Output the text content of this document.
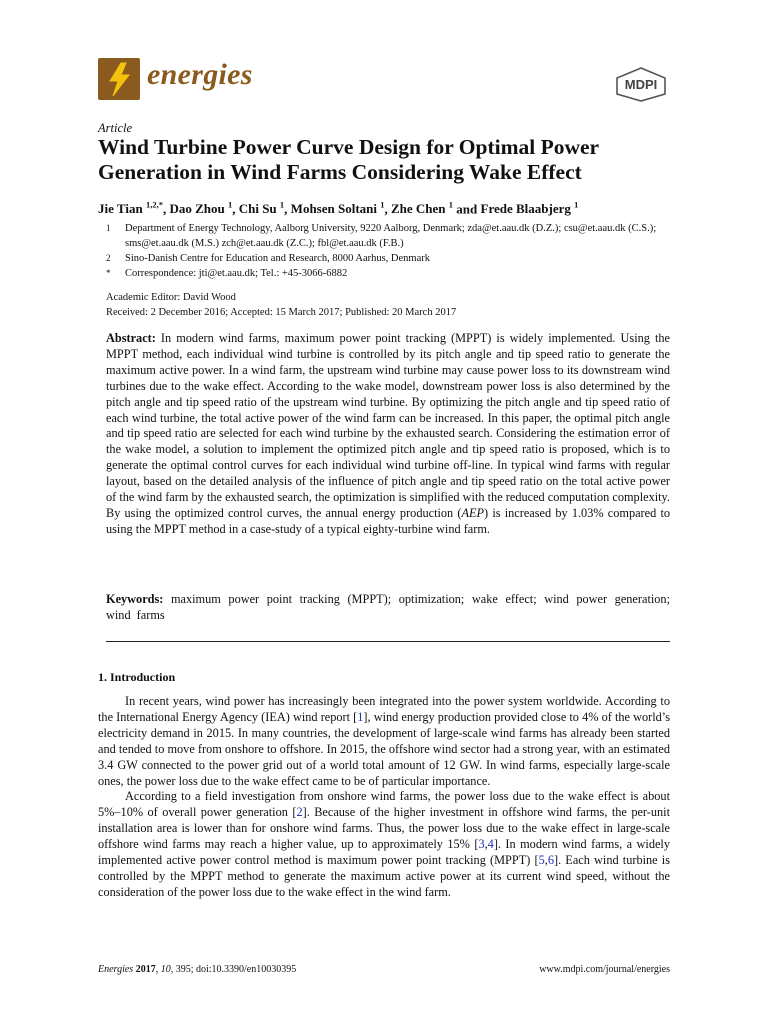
energies	MDPI
Article
Wind Turbine Power Curve Design for Optimal Power Generation in Wind Farms Considering Wake Effect
Jie Tian $^{1,2,*}$, Dao Zhou $^1$, Chi Su $^1$, Mohsen Soltani $^1$, Zhe Chen $^1$ and Frede Blaabjerg $^1$
1	Department of Energy Technology, Aalborg University, 9220 Aalborg, Denmark; zda@et.aau.dk (D.Z.); csu@et.aau.dk (C.S.); sms@et.aau.dk (M.S.) zch@et.aau.dk (Z.C.); fbl@et.aau.dk (F.B.)
2	Sino-Danish Centre for Education and Research, 8000 Aarhus, Denmark
*	Correspondence: jti@et.aau.dk; Tel.: +45-3066-6882
Academic Editor: David Wood
Received: 2 December 2016; Accepted: 15 March 2017; Published: 20 March 2017

Abstract: In modern wind farms, maximum power point tracking (MPPT) is widely implemented. Using the MPPT method, each individual wind turbine is controlled by its pitch angle and tip speed ratio to generate the maximum active power. In a wind farm, the upstream wind turbine may cause power loss to its downstream wind turbines due to the wake effect. According to the wake model, downstream power loss is also determined by the pitch angle and tip speed ratio of the upstream wind turbine. By optimizing the pitch angle and tip speed ratio of each wind turbine, the total active power of the wind farm can be increased. In this paper, the optimal pitch angle and tip speed ratio are selected for each wind turbine by the exhausted search. Considering the estimation error of the wake model, a solution to implement the optimized pitch angle and tip speed ratio is proposed, which is to generate the optimal control curves for each individual wind turbine off-line. In typical wind farms with regular layout, based on the detailed analysis of the influence of pitch angle and tip speed ratio on the total active power of the wind farm by the exhausted search, the optimization is simplified with the reduced computation complexity. By using the optimized control curves, the annual energy production (AEP) is increased by 1.03% compared to using the MPPT method in a case-study of a typical eighty-turbine wind farm.

Keywords: maximum power point tracking (MPPT); optimization; wake effect; wind power generation; wind farms

1. Introduction

In recent years, wind power has increasingly been integrated into the power system worldwide. According to the International Energy Agency (IEA) wind report [1], wind energy production provided close to 4% of the world’s electricity demand in 2015. In many countries, the development of large-scale wind farms has already been started and tended to move from onshore to offshore. In 2015, the offshore wind sector had a strong year, with an estimated 3.4 GW connected to the power grid out of a world total amount of 12 GW. In wind farms, especially large-scale ones, the power loss due to the wake effect came to be of particular importance.

According to a field investigation from onshore wind farms, the power loss due to the wake effect is about 5%–10% of overall power generation [2]. Because of the higher investment in offshore wind farms, the per-unit installation area is lower than for onshore wind farms. Thus, the power loss due to the wake effect in large-scale offshore wind farms may reach a higher value, up to approximately 15% [3,4]. In modern wind farms, a widely implemented active power control method is maximum power point tracking (MPPT) [5,6]. Each wind turbine is controlled by the MPPT method to generate the maximum active power at its current wind speed, without the consideration of the power loss due to the wake effect in the wind farm.

Energies 2017, 10, 395; doi:10.3390/en10030395	www.mdpi.com/journal/energies
